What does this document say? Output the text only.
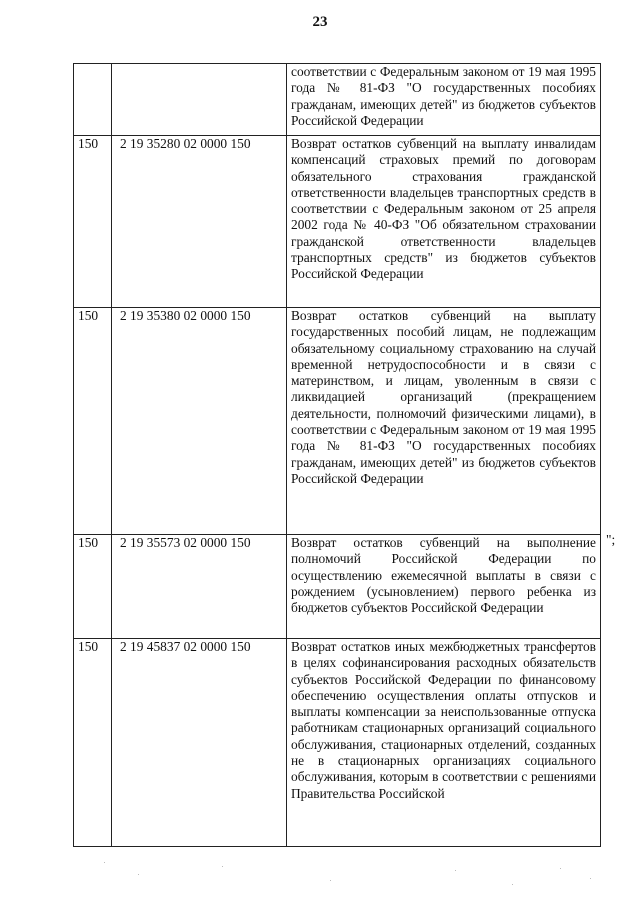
23
		соответствии с Федеральным законом от 19 мая 1995 года № 81-ФЗ "О государственных пособиях гражданам, имеющих детей" из бюджетов субъектов Российской Федерации
150	2 19 35280 02 0000 150	Возврат остатков субвенций на выплату инвалидам компенсаций страховых премий по договорам обязательного страхования гражданской ответственности владельцев транспортных средств в соответствии с Федеральным законом от 25 апреля 2002 года № 40-ФЗ "Об обязательном страховании гражданской ответственности владельцев транспортных средств" из бюджетов субъектов Российской Федерации
150	2 19 35380 02 0000 150	Возврат остатков субвенций на выплату государственных пособий лицам, не подлежащим обязательному социальному страхованию на случай временной нетрудоспособности и в связи с материнством, и лицам, уволенным в связи с ликвидацией организаций (прекращением деятельности, полномочий физическими лицами), в соответствии с Федеральным законом от 19 мая 1995 года № 81-ФЗ "О государственных пособиях гражданам, имеющих детей" из бюджетов субъектов Российской Федерации
150	2 19 35573 02 0000 150	Возврат остатков субвенций на выполнение полномочий Российской Федерации по осуществлению ежемесячной выплаты в связи с рождением (усыновлением) первого ребенка из бюджетов субъектов Российской Федерации
150	2 19 45837 02 0000 150	Возврат остатков иных межбюджетных трансфертов в целях софинансирования расходных обязательств субъектов Российской Федерации по финансовому обеспечению осуществления оплаты отпусков и выплаты компенсации за неиспользованные отпуска работникам стационарных организаций социального обслуживания, стационарных отделений, созданных не в стационарных организациях социального обслуживания, которым в соответствии с решениями Правительства Российской
";
